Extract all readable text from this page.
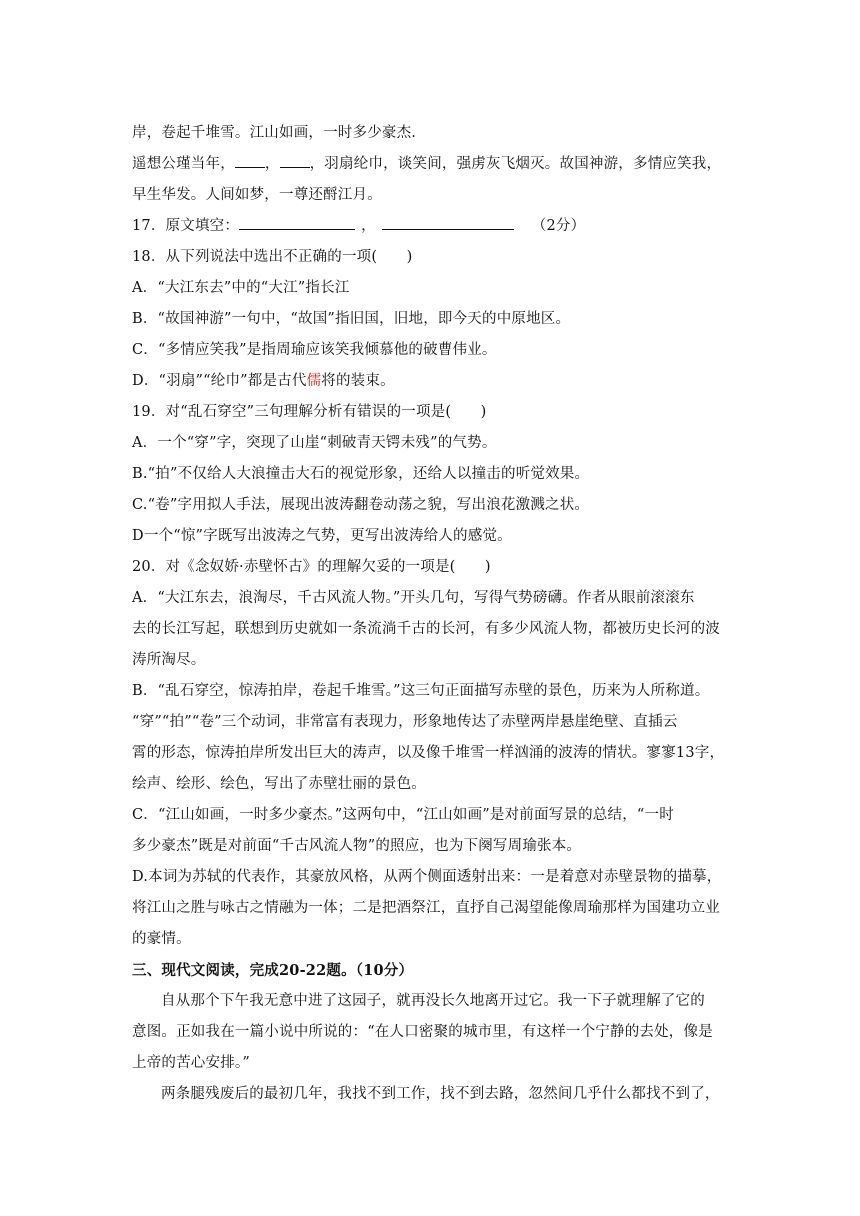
岸，卷起千堆雪。江山如画，一时多少豪杰.
遥想公瑾当年， ， ，羽扇纶巾，谈笑间，强虏灰飞烟灭。故国神游，多情应笑我，
早生华发。人间如梦，一尊还酹江月。
17．原文填空：	，	（2分）
18．从下列说法中选出不正确的一项(　　)
A．“大江东去”中的“大江”指长江
B．“故国神游”一句中，“故国”指旧国，旧地，即今天的中原地区。
C．“多情应笑我”是指周瑜应该笑我倾慕他的破曹伟业。
D．“羽扇”“纶巾”都是古代儒将的装束。
19．对“乱石穿空”三句理解分析有错误的一项是(　　)
A．一个“穿”字，突现了山崖“刺破青天锷未残”的气势。
B.“拍”不仅给人大浪撞击大石的视觉形象，还给人以撞击的听觉效果。
C.“卷”字用拟人手法，展现出波涛翻卷动荡之貌，写出浪花激溅之状。
D一个“惊”字既写出波涛之气势，更写出波涛给人的感觉。
20．对《念奴娇·赤壁怀古》的理解欠妥的一项是(　　)
A．“大江东去，浪淘尽，千古风流人物。”开头几句，写得气势磅礴。作者从眼前滚滚东
去的长江写起，联想到历史就如一条流淌千古的长河，有多少风流人物，都被历史长河的波
涛所淘尽。
B．“乱石穿空，惊涛拍岸，卷起千堆雪。”这三句正面描写赤壁的景色，历来为人所称道。
“穿”“拍”“卷”三个动词，非常富有表现力，形象地传达了赤壁两岸悬崖绝壁、直插云
霄的形态，惊涛拍岸所发出巨大的涛声，以及像千堆雪一样汹涌的波涛的情状。寥寥13字，
绘声、绘形、绘色，写出了赤壁壮丽的景色。
C．“江山如画，一时多少豪杰。”这两句中，“江山如画”是对前面写景的总结，“一时
多少豪杰”既是对前面“千古风流人物”的照应，也为下阕写周瑜张本。
D.本词为苏轼的代表作，其豪放风格，从两个侧面透射出来：一是着意对赤壁景物的描摹，
将江山之胜与咏古之情融为一体；二是把酒祭江，直抒自己渴望能像周瑜那样为国建功立业
的豪情。
三、现代文阅读，完成20-22题。（10分）
自从那个下午我无意中进了这园子，就再没长久地离开过它。我一下子就理解了它的
意图。正如我在一篇小说中所说的：“在人口密聚的城市里，有这样一个宁静的去处，像是
上帝的苦心安排。”
两条腿残废后的最初几年，我找不到工作，找不到去路，忽然间几乎什么都找不到了，
